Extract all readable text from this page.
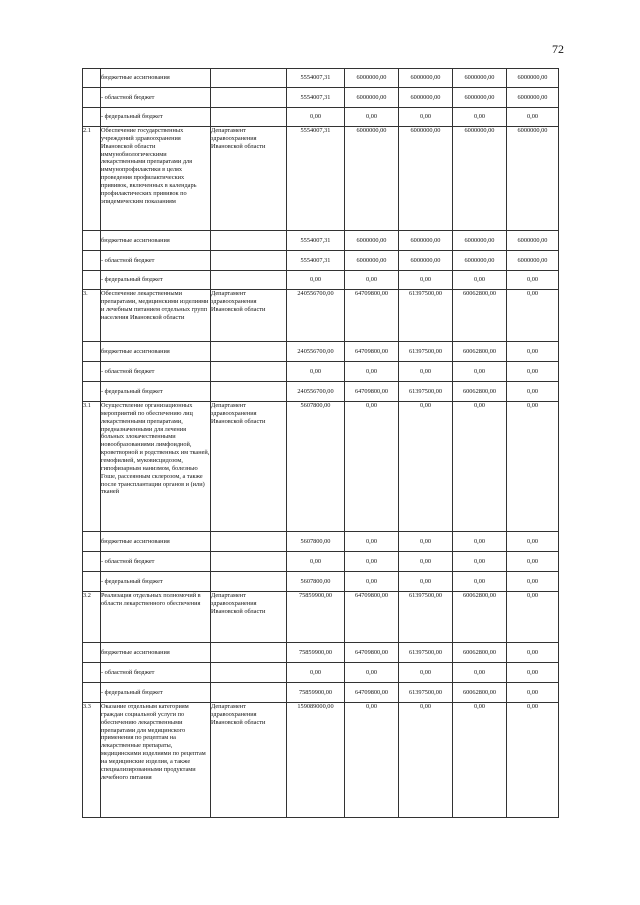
72
	бюджетные ассигнования		5554007,31	6000000,00	6000000,00	6000000,00	6000000,00
	- областной бюджет		5554007,31	6000000,00	6000000,00	6000000,00	6000000,00
	- федеральный бюджет		0,00	0,00	0,00	0,00	0,00
2.1	Обеспечение государственных учреждений здравоохранения Ивановской области иммунобиологическими лекарственными препаратами для иммунопрофилактики в целях проведения профилактических прививок, включенных в календарь профилактических прививок по эпидемическим показаниям	Департамент здравоохранения Ивановской области	5554007,31	6000000,00	6000000,00	6000000,00	6000000,00
	бюджетные ассигнования		5554007,31	6000000,00	6000000,00	6000000,00	6000000,00
	- областной бюджет		5554007,31	6000000,00	6000000,00	6000000,00	6000000,00
	- федеральный бюджет		0,00	0,00	0,00	0,00	0,00
3.	Обеспечение лекарственными препаратами, медицинскими изделиями и лечебным питанием отдельных групп населения Ивановской области	Департамент здравоохранения Ивановской области	240556700,00	64709800,00	61397500,00	60062800,00	0,00
	бюджетные ассигнования		240556700,00	64709800,00	61397500,00	60062800,00	0,00
	- областной бюджет		0,00	0,00	0,00	0,00	0,00
	- федеральный бюджет		240556700,00	64709800,00	61397500,00	60062800,00	0,00
3.1	Осуществление организационных мероприятий по обеспечению лиц лекарственными препаратами, предназначенными для лечения больных злокачественными новообразованиями лимфоидной, кроветворной и родственных им тканей, гемофилией, муковисцидозом, гипофизарным нанизмом, болезнью Гоше, рассеянным склерозом, а также после трансплантации органов и (или) тканей	Департамент здравоохранения Ивановской области	5607800,00	0,00	0,00	0,00	0,00
	бюджетные ассигнования		5607800,00	0,00	0,00	0,00	0,00
	- областной бюджет		0,00	0,00	0,00	0,00	0,00
	- федеральный бюджет		5607800,00	0,00	0,00	0,00	0,00
3.2	Реализация отдельных полномочий в области лекарственного обеспечения	Департамент здравоохранения Ивановской области	75859900,00	64709800,00	61397500,00	60062800,00	0,00
	бюджетные ассигнования		75859900,00	64709800,00	61397500,00	60062800,00	0,00
	- областной бюджет		0,00	0,00	0,00	0,00	0,00
	- федеральный бюджет		75859900,00	64709800,00	61397500,00	60062800,00	0,00
3.3	Оказание отдельным категориям граждан социальной услуги по обеспечению лекарственными препаратами для медицинского применения по рецептам на лекарственные препараты, медицинскими изделиями по рецептам на медицинские изделия, а также специализированными продуктами лечебного питания	Департамент здравоохранения Ивановской области	159089000,00	0,00	0,00	0,00	0,00
